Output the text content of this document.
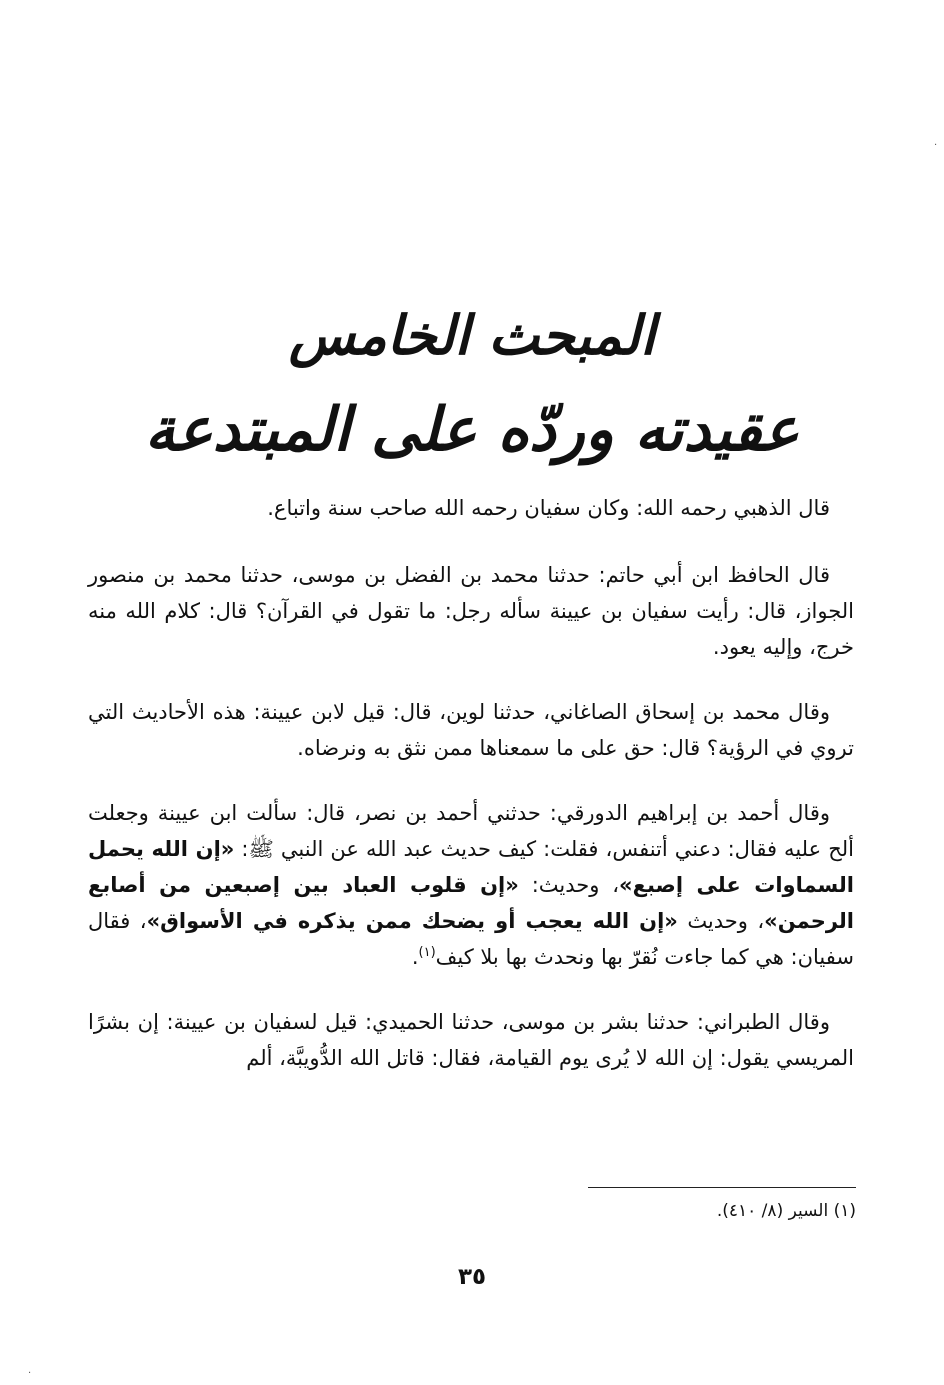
·
المبحث الخامس
عقيدته وردّه على المبتدعة

قال الذهبي رحمه الله: وكان سفيان رحمه الله صاحب سنة واتباع.

قال الحافظ ابن أبي حاتم: حدثنا محمد بن الفضل بن موسى، حدثنا محمد بن منصور الجواز، قال: رأيت سفيان بن عيينة سأله رجل: ما تقول في القرآن؟ قال: كلام الله منه خرج، وإليه يعود.

وقال محمد بن إسحاق الصاغاني، حدثنا لوين، قال: قيل لابن عيينة: هذه الأحاديث التي تروي في الرؤية؟ قال: حق على ما سمعناها ممن نثق به ونرضاه.

وقال أحمد بن إبراهيم الدورقي: حدثني أحمد بن نصر، قال: سألت ابن عيينة وجعلت ألح عليه فقال: دعني أتنفس، فقلت: كيف حديث عبد الله عن النبي ﷺ: «إن الله يحمل السماوات على إصبع»، وحديث: «إن قلوب العباد بين إصبعين من أصابع الرحمن»، وحديث «إن الله يعجب أو يضحك ممن يذكره في الأسواق»، فقال سفيان: هي كما جاءت نُقرّ بها ونحدث بها بلا كيف$^{(١)}$.

وقال الطبراني: حدثنا بشر بن موسى، حدثنا الحميدي: قيل لسفيان بن عيينة: إن بشرًا المريسي يقول: إن الله لا يُرى يوم القيامة، فقال: قاتل الله الدُّويبَّة، ألم

(١) السير (٨/ ٤١٠).
٣٥
·
